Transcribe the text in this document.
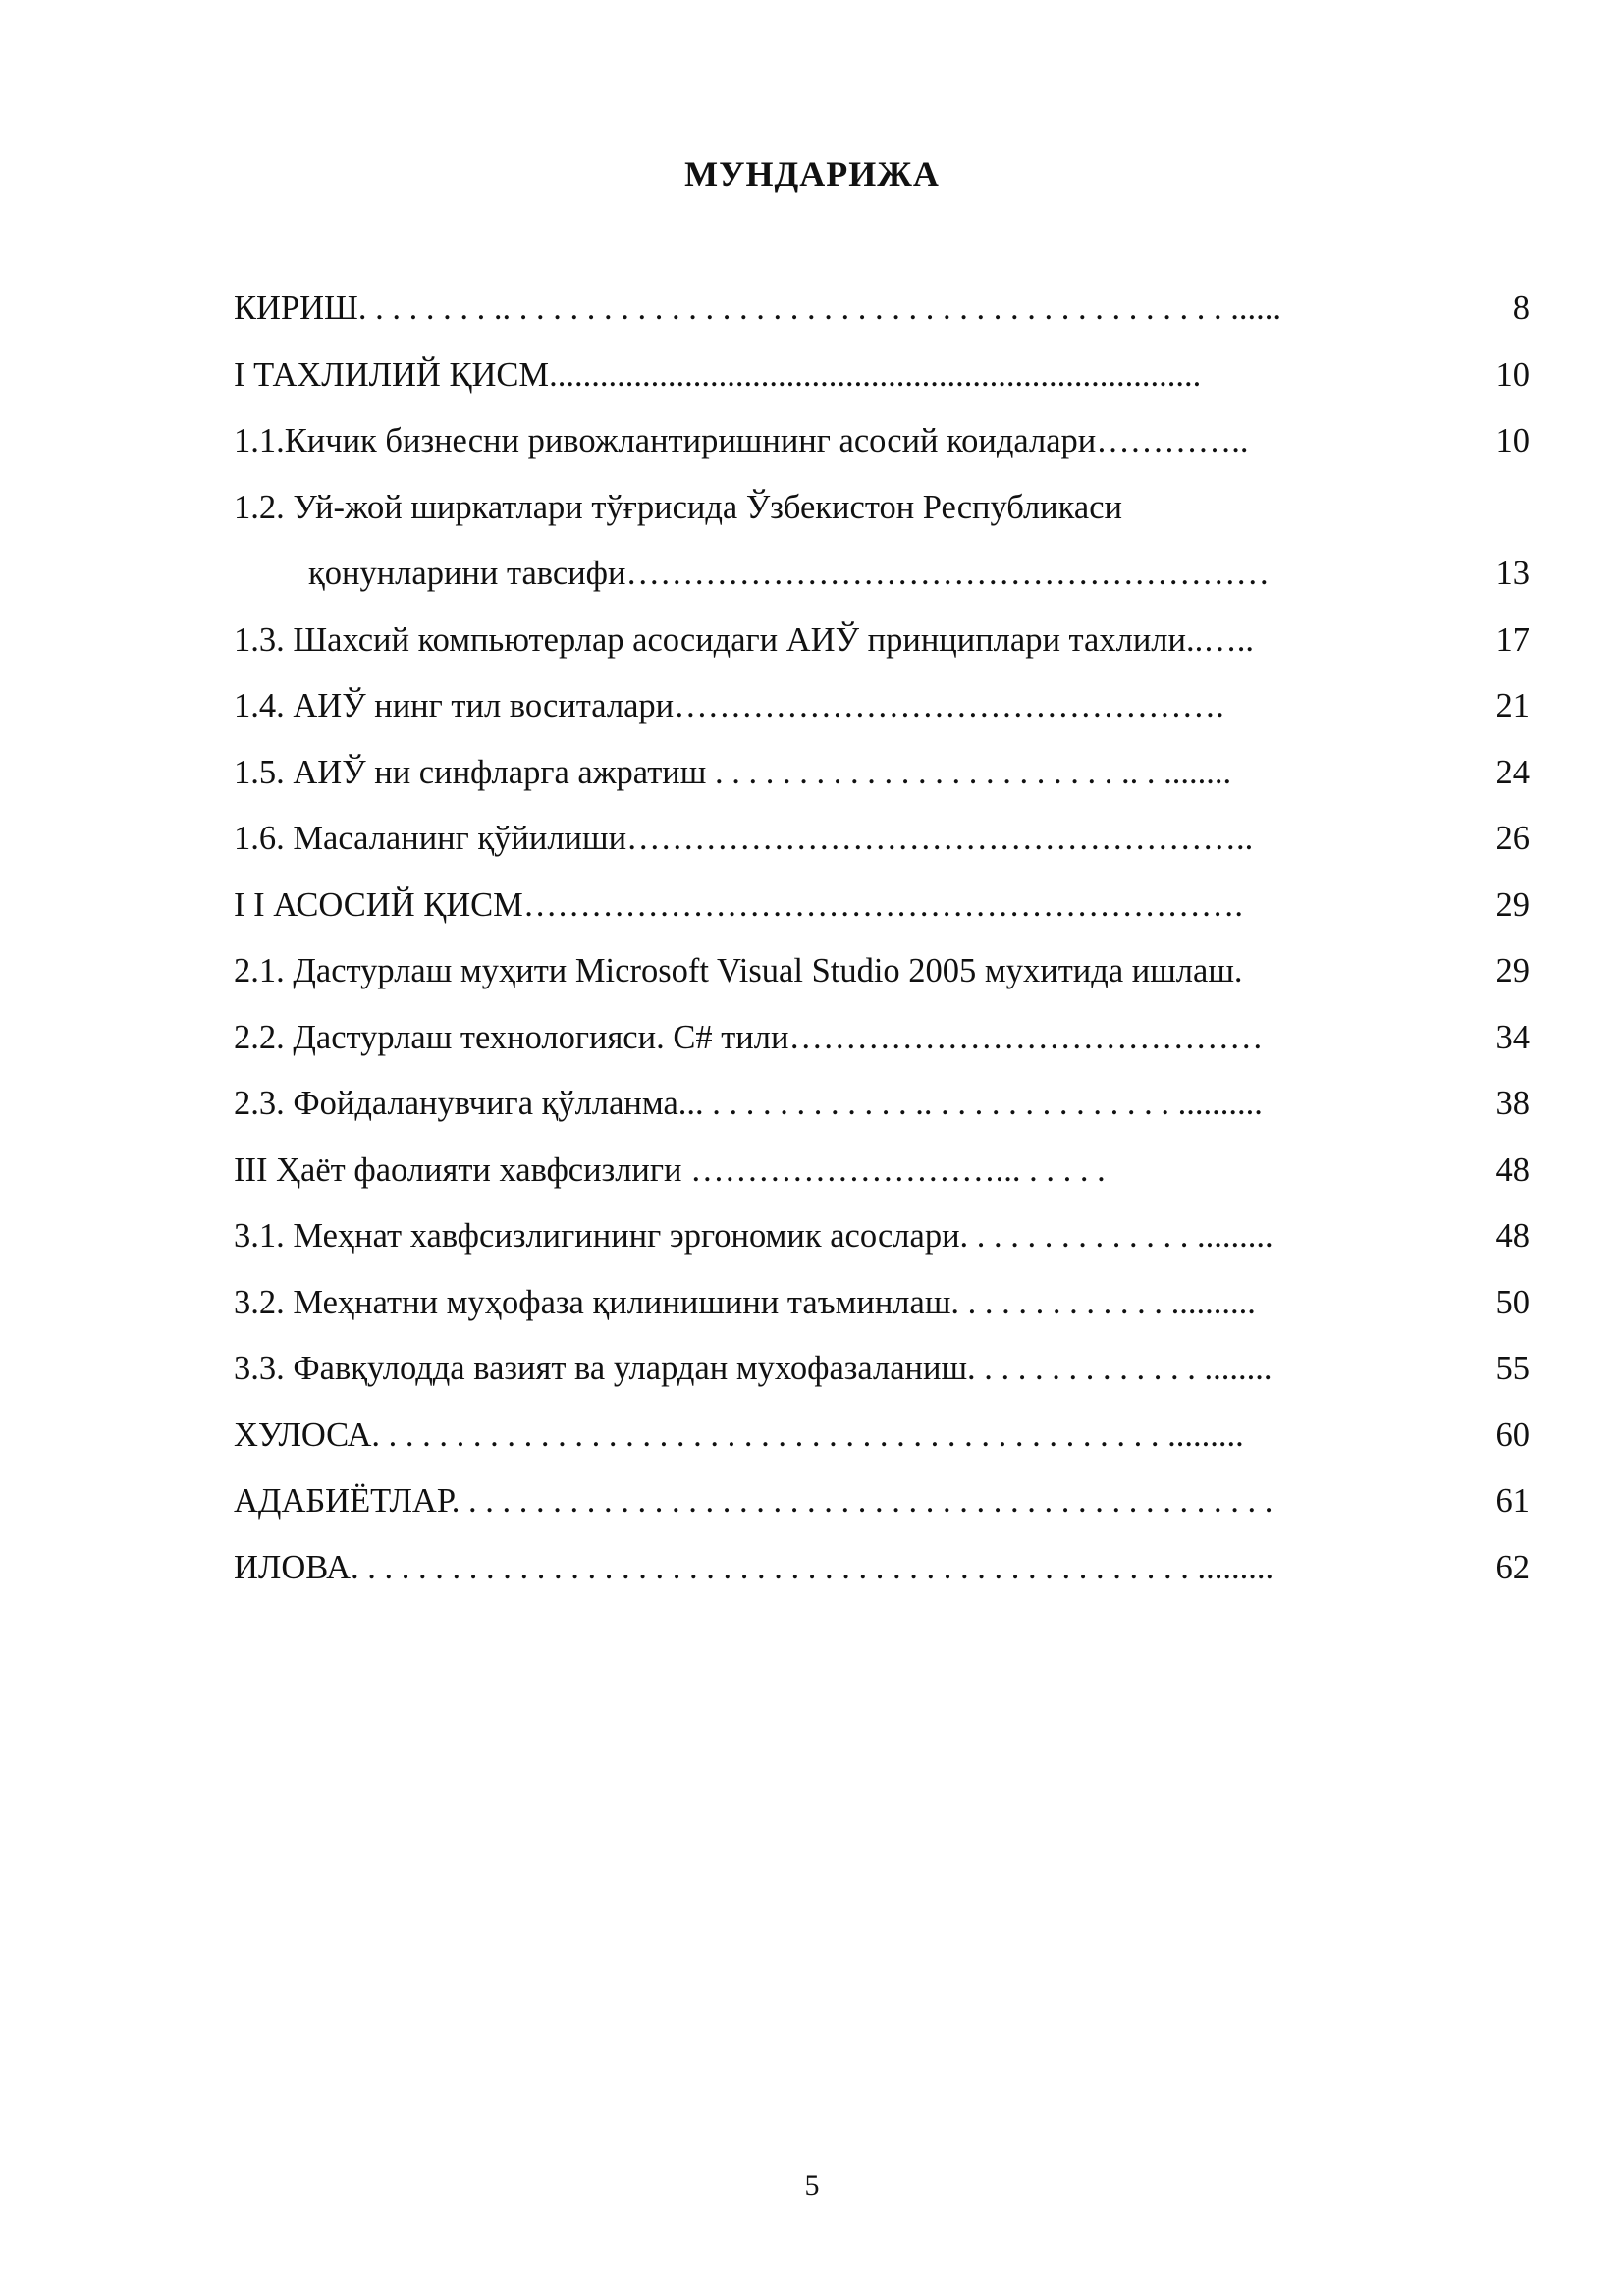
МУНДАРИЖА
КИРИШ. . . . . . . . .. . . . . . . . . . . . . . . . . . . . . . . . . . . . . . . . . . . . . . . . . . . ......	8
I ТАХЛИЛИЙ ҚИСМ.............................................................................	10
1.1.Кичик бизнесни ривожлантиришнинг асосий коидалари…………..	10
1.2. Уй-жой ширкатлари тўғрисида Ўзбекистон Республикаси
қонунларини тавсифи…………………………………………………	13
1.3. Шахсий компьютерлар асосидаги АИЎ принциплари тахлили..…..	17
1.4. АИЎ нинг тил воситалари………………………………………….	21
1.5. АИЎ ни синфларга ажратиш . . . . . . . . . . . . . . . . . . . . . . . . .. . ........	24
1.6. Масаланинг қўйилиши………………………………………………..	26
I I АСОСИЙ ҚИСМ……………………………………………………….	29
2.1. Дастурлаш муҳити Microsoft Visual Studio 2005 мухитида ишлаш.	29
2.2. Дастурлаш технологияси. C# тили……………………………………	34
2.3. Фойдаланувчига қўлланма... . . . . . . . . . . . . .. . . . . . . . . . . . . . . ..........	38
III Ҳаёт фаолияти хавфсизлиги ………………………... . . . . .	48
3.1. Меҳнат хавфсизлигининг эргономик асослари. . . . . . . . . . . . . . .........	48
3.2. Меҳнатни муҳофаза қилинишини таъминлаш. . . . . . . . . . . . . ..........	50
3.3. Фавқулодда вазият ва улардан мухофазаланиш. . . . . . . . . . . . . . ........	55
ХУЛОСА. . . . . . . . . . . . . . . . . . . . . . . . . . . . . . . . . . . . . . . . . . . . . . . .........	60
АДАБИЁТЛАР. . . . . . . . . . . . . . . . . . . . . . . . . . . . . . . . . . . . . . . . . . . . . . . . .	61
ИЛОВА. . . . . . . . . . . . . . . . . . . . . . . . . . . . . . . . . . . . . . . . . . . . . . . . . . .........	62
5
